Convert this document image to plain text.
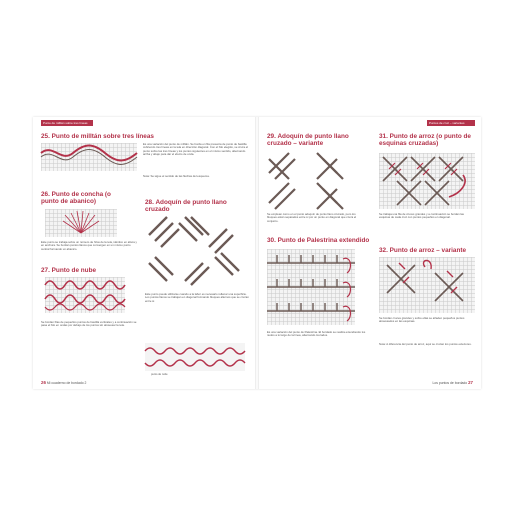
Punto de milltán sobre tres líneas
25. Punto de milltán sobre tres líneas
Es una variación del punto de milltán. Se borda en fila presenta de punto de bastilla cubriendo tres líneas en la tela en dirección diagonal. Con el hilo elegido, se cruza el punto sobre las tres líneas y los puntos siguientes en el mismo sentido, alternando arriba y abajo para dar el efecto de onda.
Nota: Se sigue el sentido de las flechas del esquema.
26. Punto de concha (o punto de abanico)
Este punto se trabaja sobre un número de hilos de la tela, idéntico en altura y en anchura. Se bordan puntos llanos que convergen en un mismo punto central formando un abanico.
27. Punto de nube
Se bordan filas de pequeños puntos de bastilla verticales y a continuación se pasa el hilo en ondas por debajo de los puntos sin atravesar la tela.
28. Adoquín de punto llano cruzado
Este punto puede utilizarse cuando a la labor es necesario rellenar una superficie. Los puntos llanos se trabajan en diagonal formando bloques alternos que se cruzan entre sí.
punto de nube
26 Mi cuaderno de bordado 2
Puntos de cruz – variantes
29. Adoquín de punto llano cruzado – variante
Se emplean como en el punto adoquín de punto llano cruzado, pero los bloques están separados entre sí por un punto en diagonal que cruza el conjunto.
30. Punto de Palestrina extendido
Es una variación del punto de Palestrina. El bordado se realiza extendiendo los nudos a lo largo de la línea, alternando los lados.
31. Punto de arroz (o punto de esquinas cruzadas)
Se trabaja una fila de cruces grandes y a continuación se bordan las esquinas de cada cruz con puntos pequeños en diagonal.
32. Punto de arroz – variante
Se bordan cruces grandes y sobre ellas se añaden pequeños puntos atravesados en las esquinas.
Nota: A diferencia del punto de arroz, aquí se cruzan los puntos exteriores.
Los puntos de bordado 27
